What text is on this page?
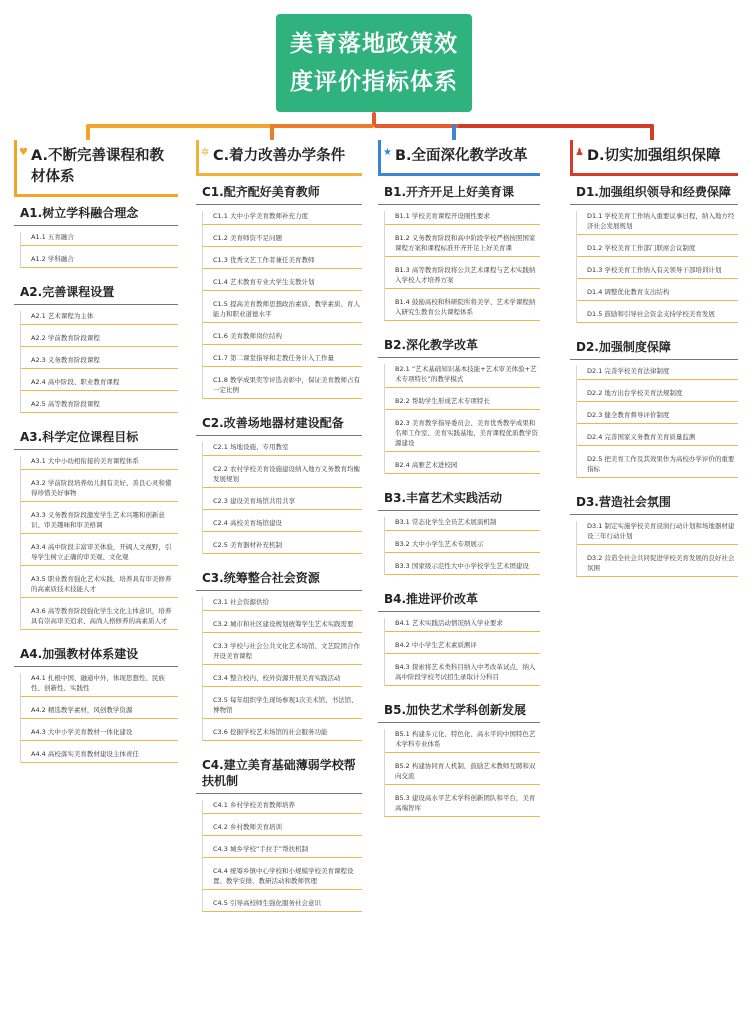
美育落地政策效
度评价指标体系
♥ A.不断完善课程和教材体系
A1.树立学科融合理念
A1.1 五育融合
A1.2 学科融合
A2.完善课程设置
A2.1 艺术课程为主体
A2.2 学前教育阶段课程
A2.3 义务教育阶段课程
A2.4 高中阶段、职业教育课程
A2.5 高等教育阶段课程
A3.科学定位课程目标
A3.1 大中小幼相衔接的美育课程体系
A3.2 学前阶段培养幼儿拥有美好、善良心灵和懂得珍惜美好事物
A3.3 义务教育阶段激发学生艺术兴趣和创新意识、审美趣味和审美格调
A3.4 高中阶段丰富审美体验，开阔人文视野，引导学生树立正确的审美观、文化观
A3.5 职业教育强化艺术实践，培养具有审美修养的高素质技术技能人才
A3.6 高等教育阶段强化学生文化主体意识，培养具有崇高审美追求、高尚人格修养的高素质人才
A4.加强教材体系建设
A4.1 扎根中国、融通中外，体现思想性、民族性、创新性、实践性
A4.2 精选教学素材，风创教学资源
A4.3 大中小学美育教材一体化建设
A4.4 高校落实美育教材建设主体责任
✲ C.着力改善办学条件
C1.配齐配好美育教师
C1.1 大中小学美育教师补充力度
C1.2 美育师资不足问题
C1.3 优秀文艺工作者兼任美育教师
C1.4 艺术教育专业大学生支教计划
C1.5 提高美育教师思想政治素质、教学素质、育人能力和职业道德水平
C1.6 美育教师岗位结构
C1.7 第二课堂指导和走教任务计入工作量
C1.8 教学成果奖等评选表彰中，保证美育教师占有一定比例
C2.改善场地器材建设配备
C2.1 场地设施、专用教室
C2.2 农村学校美育设施建设纳入地方义务教育均衡发展规划
C2.3 建设美育场馆共用共享
C2.4 高校美育场馆建设
C2.5 美育器材补充机制
C3.统筹整合社会资源
C3.1 社会资源供给
C3.2 城市和社区建设规划统筹学生艺术实践需要
C3.3 学校与社会公共文化艺术场馆、文艺院团合作开设美育课程
C3.4 整合校内、校外资源开展美育实践活动
C3.5 每年组织学生现场参观1次美术馆、书法馆、博物馆
C3.6 挖掘学校艺术场馆的社会服务功能
C4.建立美育基础薄弱学校帮扶机制
C4.1 乡村学校美育教师培养
C4.2 乡村教师美育培训
C4.3 城乡学校“手拉手”帮扶机制
C4.4 统筹乡镇中心学校和小规模学校美育课程设置、教学安排、教研活动和教师管理
C4.5 引导高校师生强化服务社会意识
★ B.全面深化教学改革
B1.开齐开足上好美育课
B1.1 学校美育课程开设刚性要求
B1.2 义务教育阶段和高中阶段学校严格按照国家课程方案和课程标准开齐开足上好美育课
B1.3 高等教育阶段将公共艺术课程与艺术实践纳入学校人才培养方案
B1.4 鼓励高校和科研院所将美学、艺术学课程纳入研究生教育公共课程体系
B2.深化教学改革
B2.1 “艺术基础知识基本技能+艺术审美体验+艺术专项特长”的教学模式
B2.2 帮助学生形成艺术专项特长
B2.3 美育教学指导委员会、美育优秀教学成果和名师工作室、美育实践基地、美育课程优质教学资源建设
B2.4 高雅艺术进校园
B3.丰富艺术实践活动
B3.1 常态化学生全员艺术展演机制
B3.2 大中小学生艺术专项展示
B3.3 国家级示范性大中小学校学生艺术团建设
B4.推进评价改革
B4.1 艺术实践活动情况纳入学业要求
B4.2 中小学生艺术素质测评
B4.3 探索将艺术类科目纳入中考改革试点，纳入高中阶段学校考试招生录取计分科目
B5.加快艺术学科创新发展
B5.1 构建多元化、特色化、高水平的中国特色艺术学科专业体系
B5.2 构建协同育人机制，鼓励艺术教师互聘和双向交流
B5.3 建设高水平艺术学科创新团队和平台，美育高端智库
♟ D.切实加强组织保障
D1.加强组织领导和经费保障
D1.1 学校美育工作纳入重要议事日程，纳入地方经济社会发展规划
D1.2 学校美育工作部门联席会议制度
D1.3 学校美育工作纳入有关领导干部培训计划
D1.4 调整优化教育支出结构
D1.5 鼓励和引导社会资金支持学校美育发展
D2.加强制度保障
D2.1 完善学校美育法律制度
D2.2 地方出台学校美育法规制度
D2.3 健全教育督导评价制度
D2.4 完善国家义务教育美育质量监测
D2.5 把美育工作及其效果作为高校办学评价的重要指标
D3.营造社会氛围
D3.1 制定实施学校美育浸润行动计划和场地器材建设三年行动计划
D3.2 营造全社会共同促进学校美育发展的良好社会氛围
